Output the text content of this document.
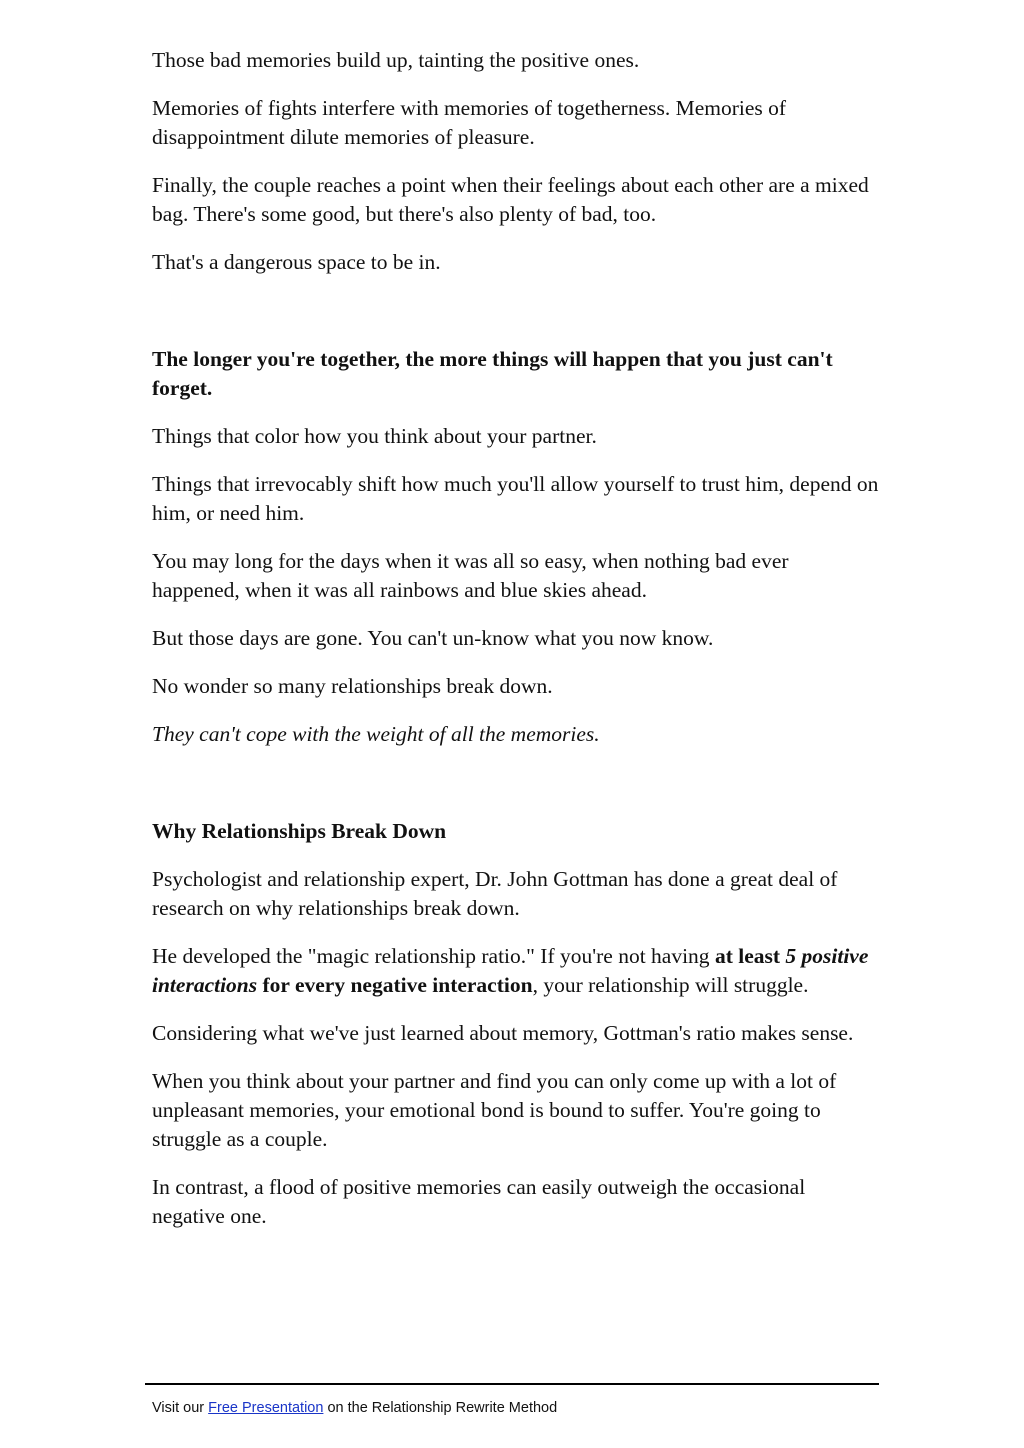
Those bad memories build up, tainting the positive ones.

Memories of fights interfere with memories of togetherness. Memories of disappointment dilute memories of pleasure.

Finally, the couple reaches a point when their feelings about each other are a mixed bag. There's some good, but there's also plenty of bad, too.

That's a dangerous space to be in.

The longer you're together, the more things will happen that you just can't forget.

Things that color how you think about your partner.

Things that irrevocably shift how much you'll allow yourself to trust him, depend on him, or need him.

You may long for the days when it was all so easy, when nothing bad ever happened, when it was all rainbows and blue skies ahead.

But those days are gone. You can't un-know what you now know.

No wonder so many relationships break down.

They can't cope with the weight of all the memories.

Why Relationships Break Down

Psychologist and relationship expert, Dr. John Gottman has done a great deal of research on why relationships break down.

He developed the "magic relationship ratio." If you're not having at least 5 positive interactions for every negative interaction, your relationship will struggle.

Considering what we've just learned about memory, Gottman's ratio makes sense.

When you think about your partner and find you can only come up with a lot of unpleasant memories, your emotional bond is bound to suffer. You're going to struggle as a couple.

In contrast, a flood of positive memories can easily outweigh the occasional negative one.

Visit our Free Presentation on the Relationship Rewrite Method
